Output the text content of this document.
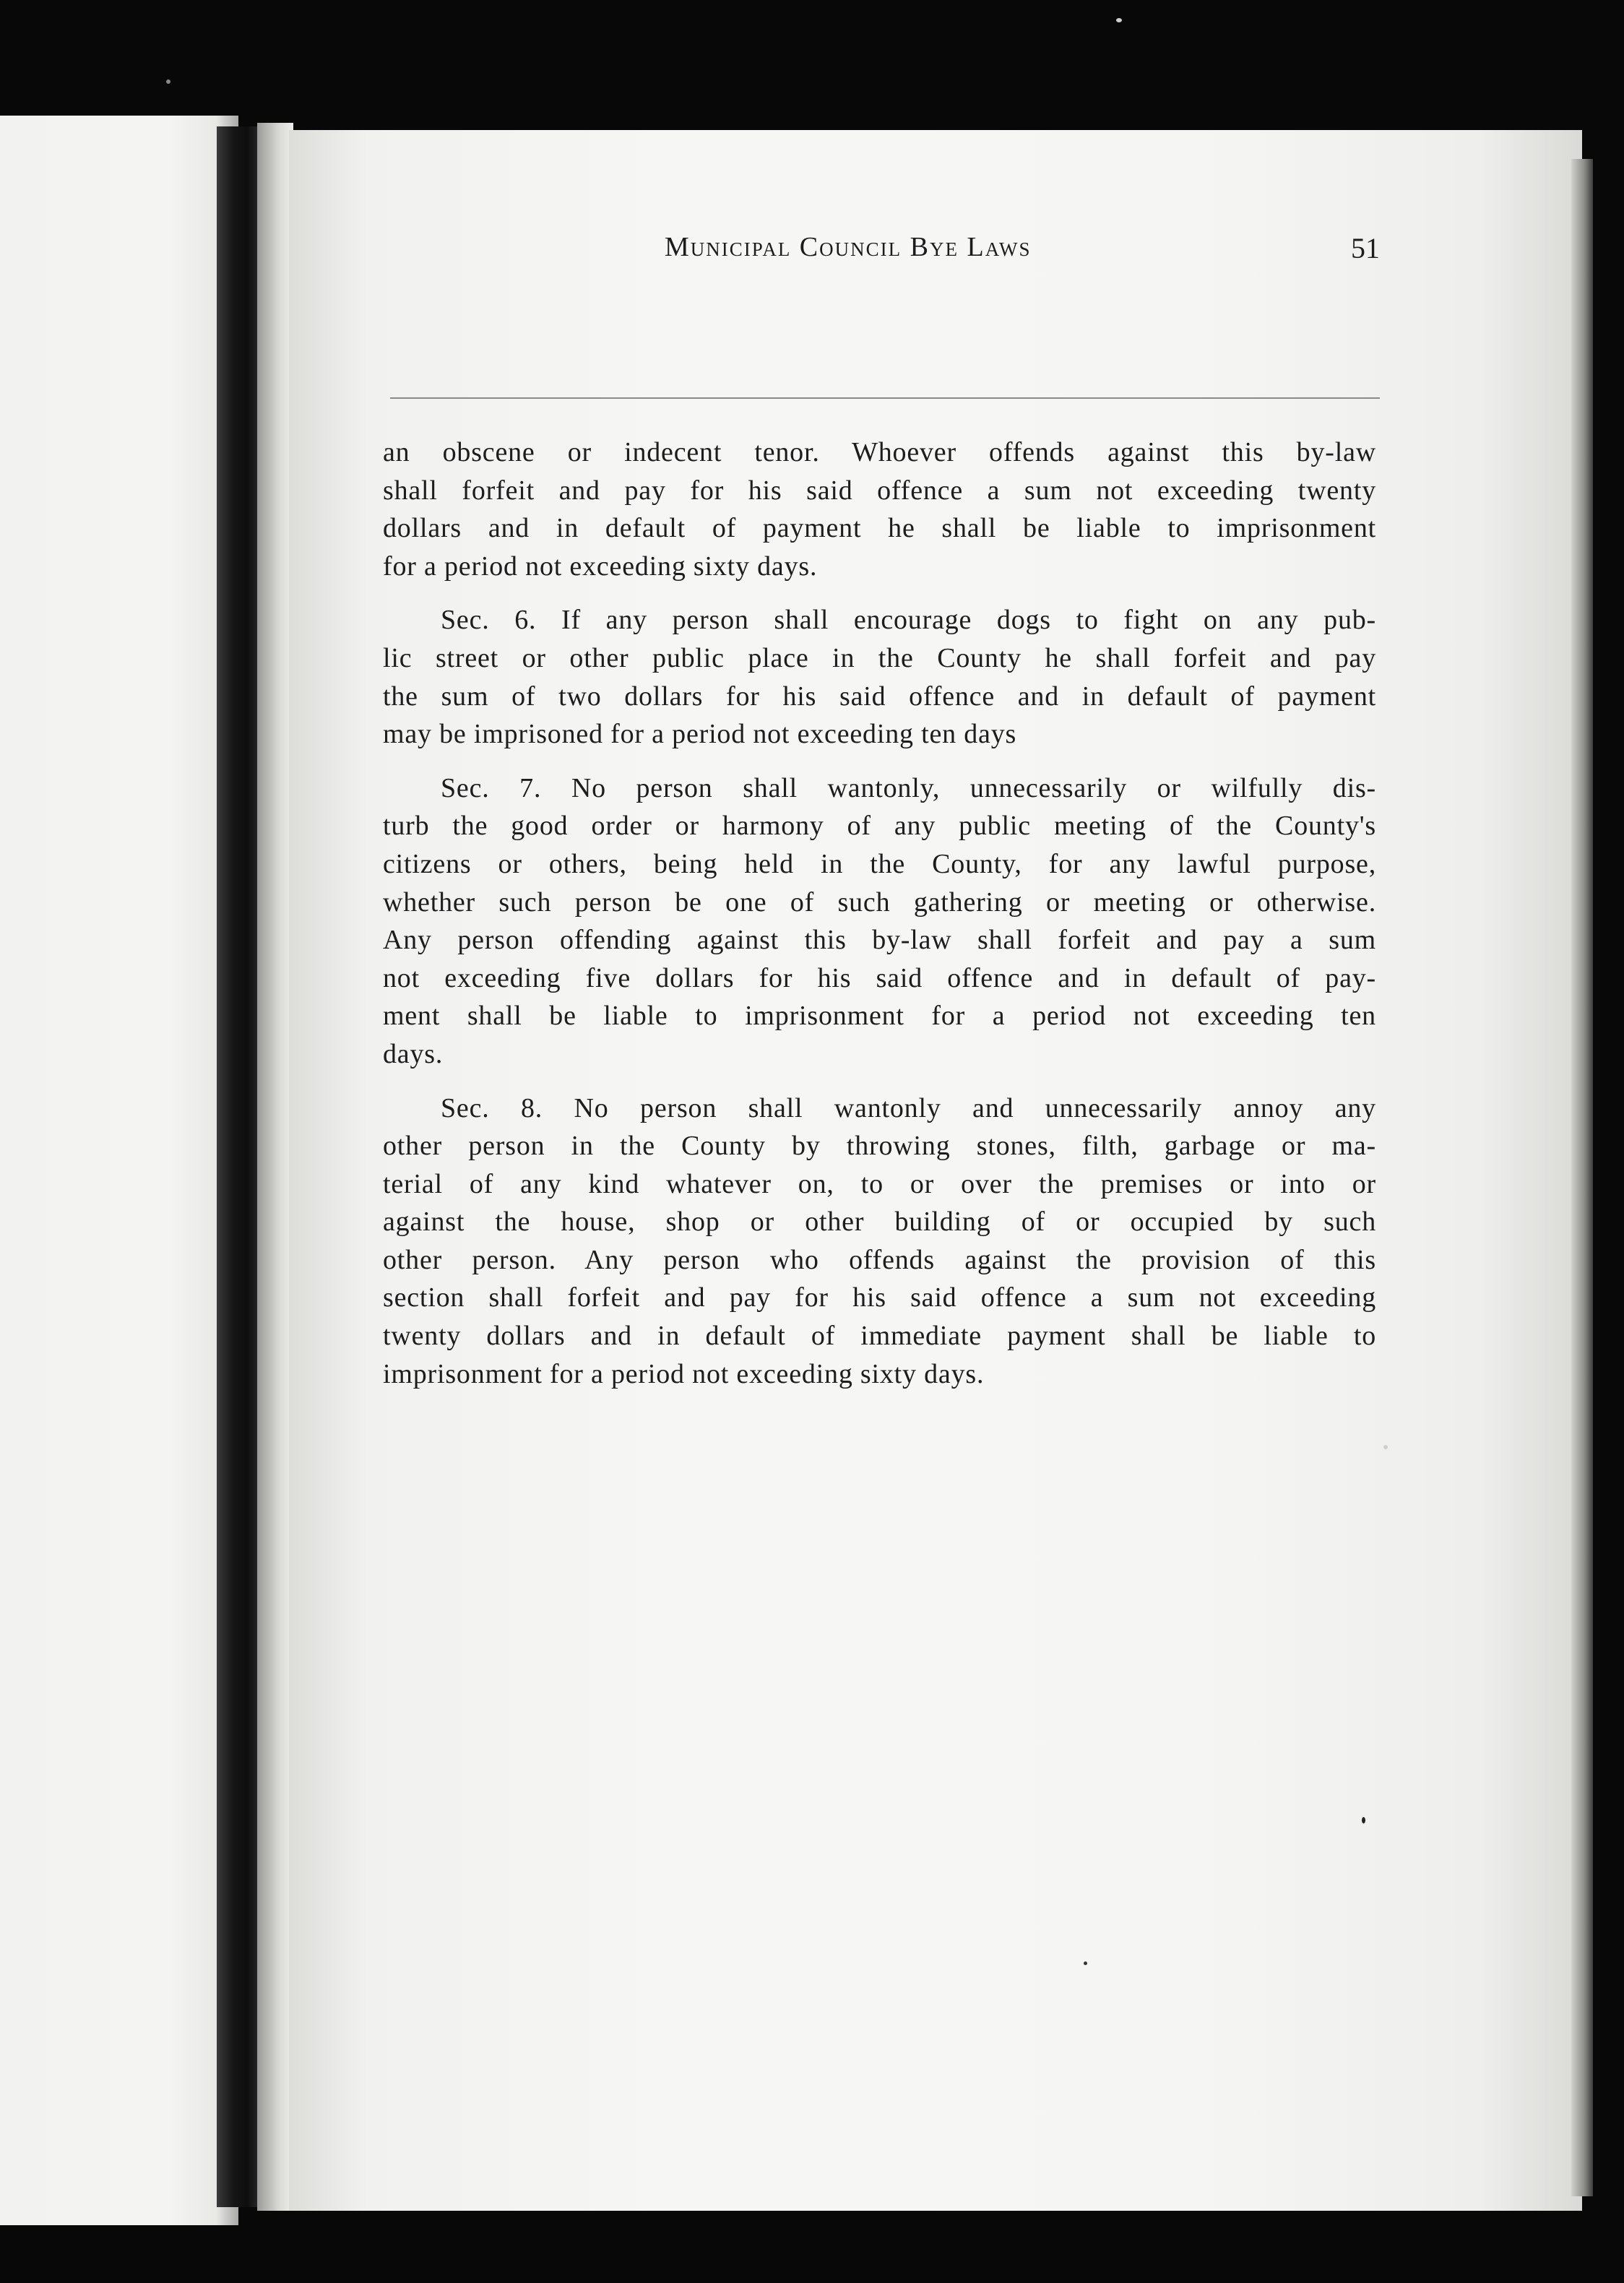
Municipal Council Bye Laws	51
an obscene or indecent tenor. Whoever offends against this by-law
shall forfeit and pay for his said offence a sum not exceeding twenty
dollars and in default of payment he shall be liable to imprisonment
for a period not exceeding sixty days.
Sec. 6. If any person shall encourage dogs to fight on any pub-
lic street or other public place in the County he shall forfeit and pay
the sum of two dollars for his said offence and in default of payment
may be imprisoned for a period not exceeding ten days
Sec. 7. No person shall wantonly, unnecessarily or wilfully dis-
turb the good order or harmony of any public meeting of the County's
citizens or others, being held in the County, for any lawful purpose,
whether such person be one of such gathering or meeting or otherwise.
Any person offending against this by-law shall forfeit and pay a sum
not exceeding five dollars for his said offence and in default of pay-
ment shall be liable to imprisonment for a period not exceeding ten
days.
Sec. 8. No person shall wantonly and unnecessarily annoy any
other person in the County by throwing stones, filth, garbage or ma-
terial of any kind whatever on, to or over the premises or into or
against the house, shop or other building of or occupied by such
other person. Any person who offends against the provision of this
section shall forfeit and pay for his said offence a sum not exceeding
twenty dollars and in default of immediate payment shall be liable to
imprisonment for a period not exceeding sixty days.
